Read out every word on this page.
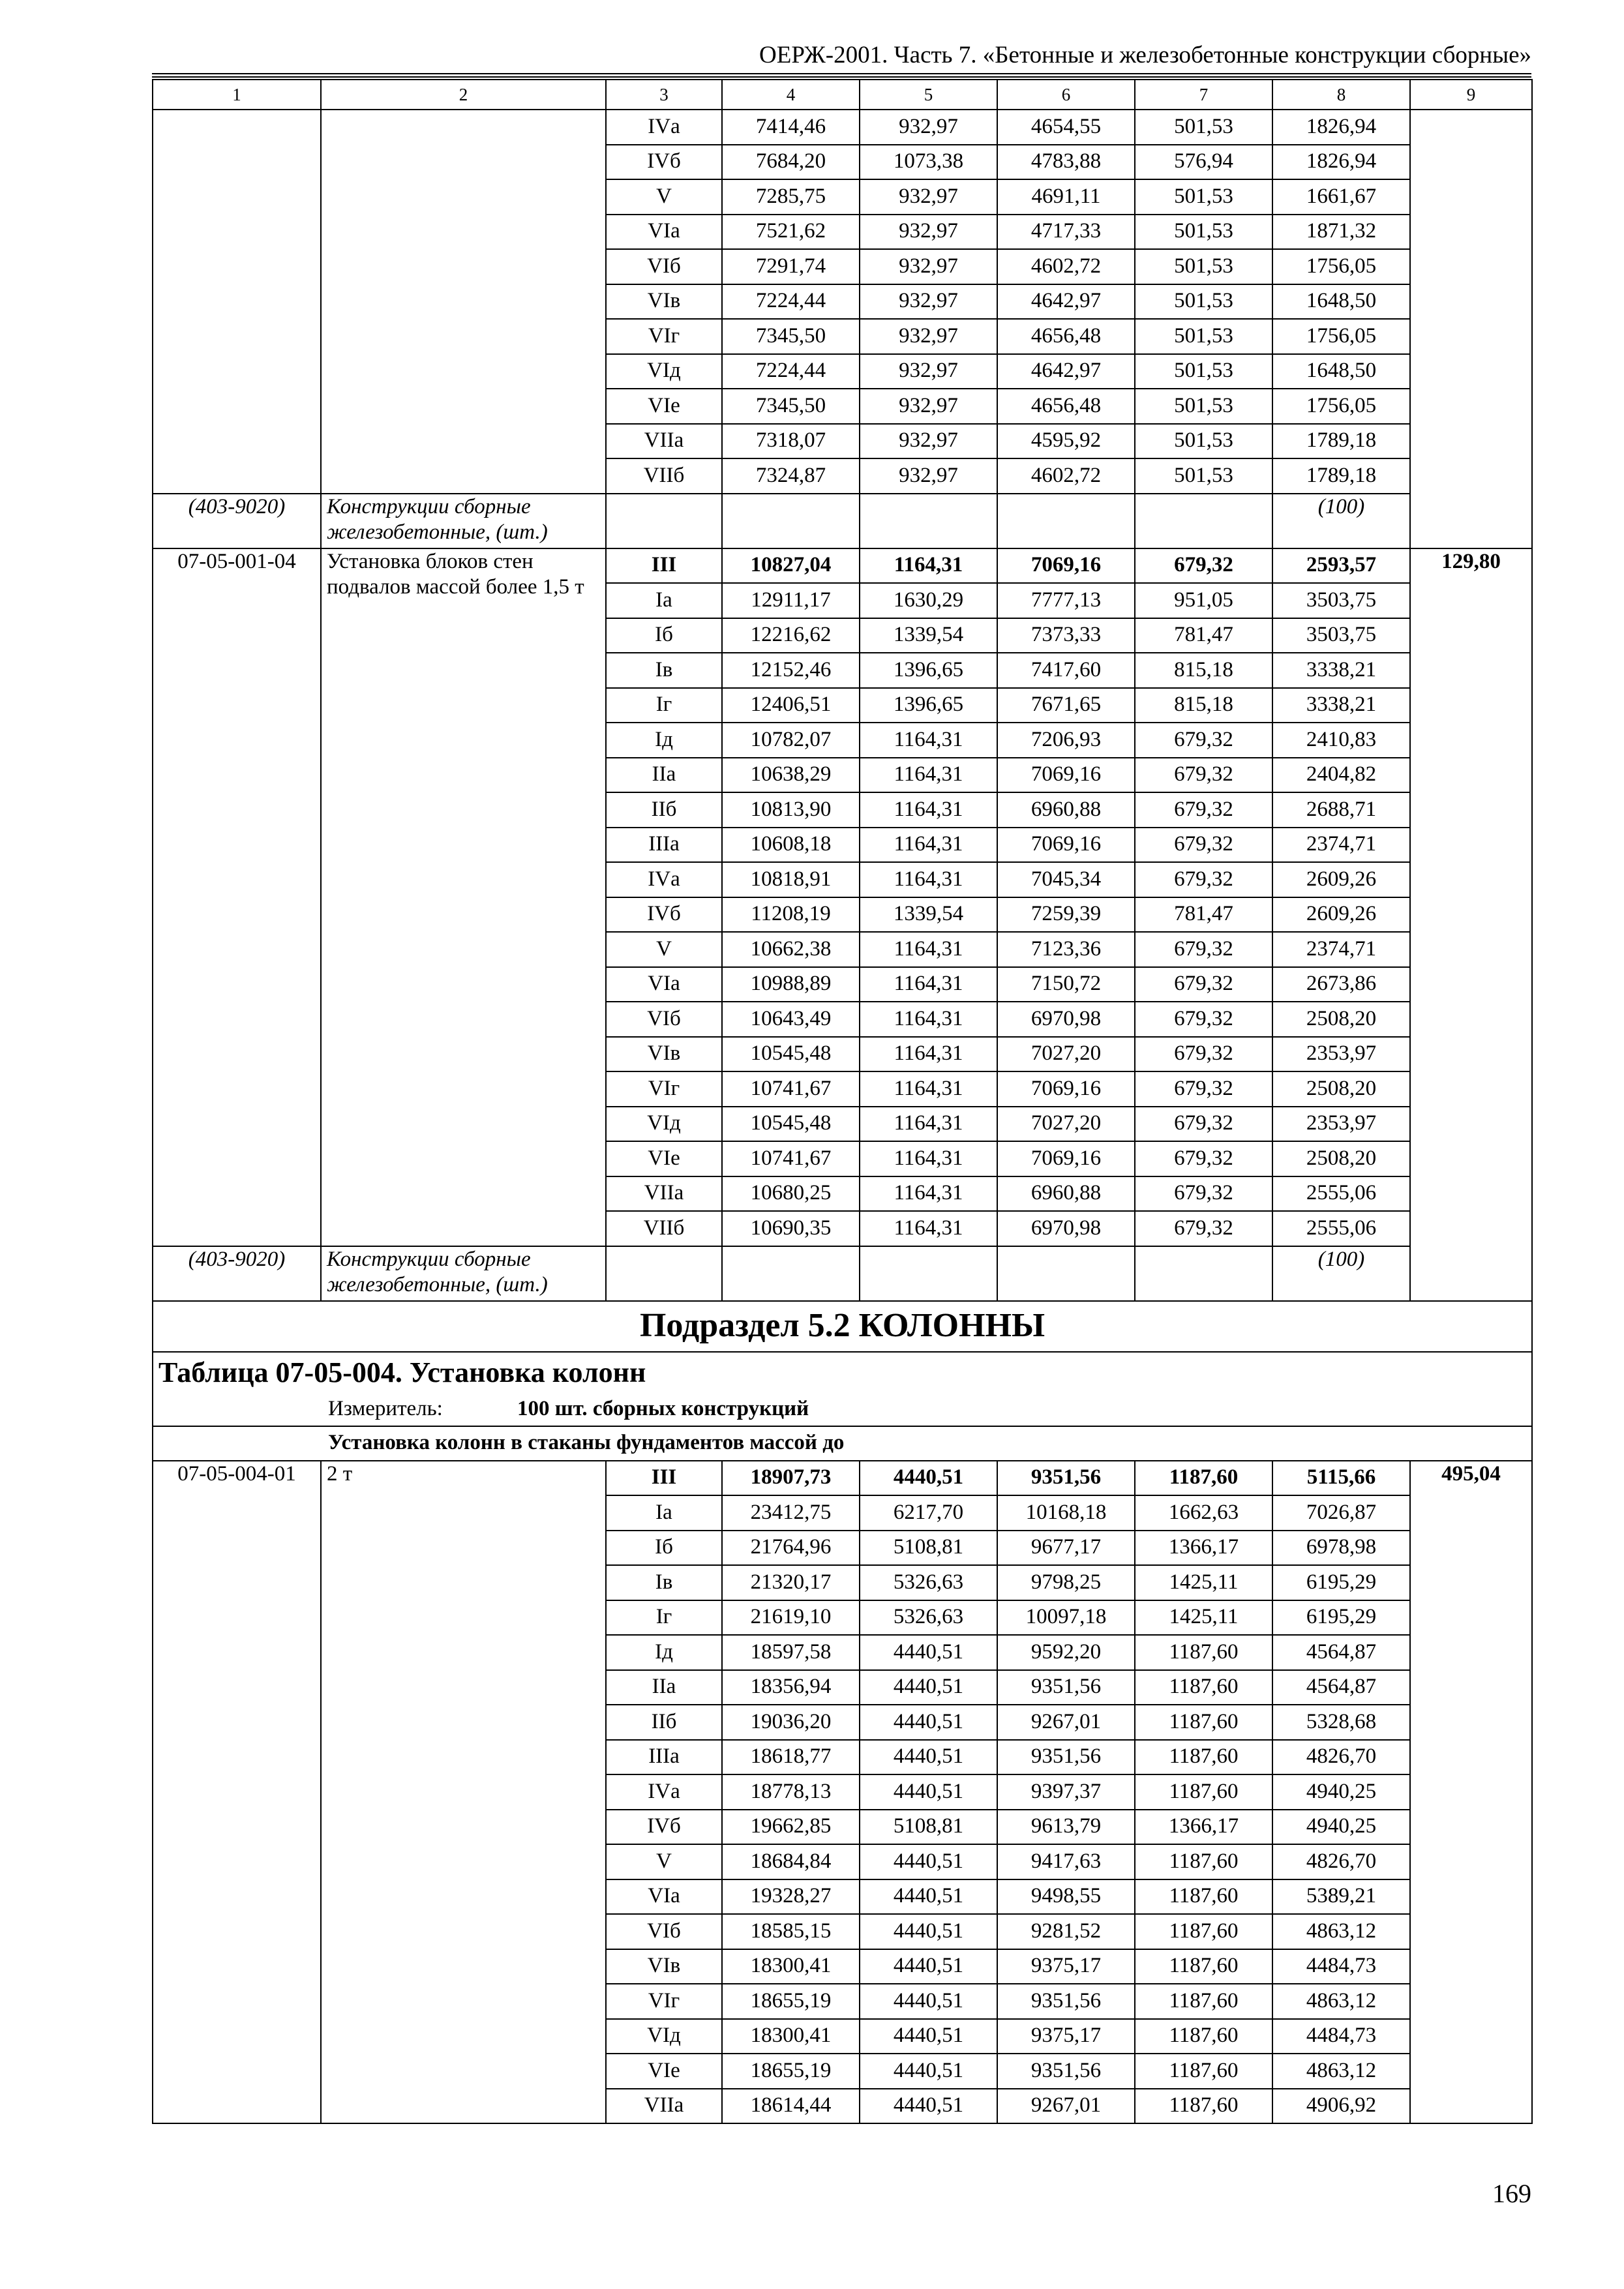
ОЕРЖ-2001. Часть 7. «Бетонные и железобетонные конструкции сборные»
1	2	3	4	5	6	7	8	9
		IVа	7414,46	932,97	4654,55	501,53	1826,94	
		IVб	7684,20	1073,38	4783,88	576,94	1826,94	
		V	7285,75	932,97	4691,11	501,53	1661,67	
		VIа	7521,62	932,97	4717,33	501,53	1871,32	
		VIб	7291,74	932,97	4602,72	501,53	1756,05	
		VIв	7224,44	932,97	4642,97	501,53	1648,50	
		VIг	7345,50	932,97	4656,48	501,53	1756,05	
		VIд	7224,44	932,97	4642,97	501,53	1648,50	
		VIе	7345,50	932,97	4656,48	501,53	1756,05	
		VIIа	7318,07	932,97	4595,92	501,53	1789,18	
		VIIб	7324,87	932,97	4602,72	501,53	1789,18	
(403-9020)	Конструкции сборные железобетонные, (шт.)						(100)	
07-05-001-04	Установка блоков стен подвалов массой более 1,5 т	III	10827,04	1164,31	7069,16	679,32	2593,57	129,80
		Iа	12911,17	1630,29	7777,13	951,05	3503,75	
		Iб	12216,62	1339,54	7373,33	781,47	3503,75	
		Iв	12152,46	1396,65	7417,60	815,18	3338,21	
		Iг	12406,51	1396,65	7671,65	815,18	3338,21	
		Iд	10782,07	1164,31	7206,93	679,32	2410,83	
		IIа	10638,29	1164,31	7069,16	679,32	2404,82	
		IIб	10813,90	1164,31	6960,88	679,32	2688,71	
		IIIа	10608,18	1164,31	7069,16	679,32	2374,71	
		IVа	10818,91	1164,31	7045,34	679,32	2609,26	
		IVб	11208,19	1339,54	7259,39	781,47	2609,26	
		V	10662,38	1164,31	7123,36	679,32	2374,71	
		VIа	10988,89	1164,31	7150,72	679,32	2673,86	
		VIб	10643,49	1164,31	6970,98	679,32	2508,20	
		VIв	10545,48	1164,31	7027,20	679,32	2353,97	
		VIг	10741,67	1164,31	7069,16	679,32	2508,20	
		VIд	10545,48	1164,31	7027,20	679,32	2353,97	
		VIе	10741,67	1164,31	7069,16	679,32	2508,20	
		VIIа	10680,25	1164,31	6960,88	679,32	2555,06	
		VIIб	10690,35	1164,31	6970,98	679,32	2555,06	
(403-9020)	Конструкции сборные железобетонные, (шт.)						(100)	
Подраздел 5.2 КОЛОННЫ								
Таблица 07-05-004. Установка колонн								
Измеритель: 100 шт. сборных конструкций								
Установка колонн в стаканы фундаментов массой до								
07-05-004-01	2 т	III	18907,73	4440,51	9351,56	1187,60	5115,66	495,04
		Iа	23412,75	6217,70	10168,18	1662,63	7026,87	
		Iб	21764,96	5108,81	9677,17	1366,17	6978,98	
		Iв	21320,17	5326,63	9798,25	1425,11	6195,29	
		Iг	21619,10	5326,63	10097,18	1425,11	6195,29	
		Iд	18597,58	4440,51	9592,20	1187,60	4564,87	
		IIа	18356,94	4440,51	9351,56	1187,60	4564,87	
		IIб	19036,20	4440,51	9267,01	1187,60	5328,68	
		IIIа	18618,77	4440,51	9351,56	1187,60	4826,70	
		IVа	18778,13	4440,51	9397,37	1187,60	4940,25	
		IVб	19662,85	5108,81	9613,79	1366,17	4940,25	
		V	18684,84	4440,51	9417,63	1187,60	4826,70	
		VIа	19328,27	4440,51	9498,55	1187,60	5389,21	
		VIб	18585,15	4440,51	9281,52	1187,60	4863,12	
		VIв	18300,41	4440,51	9375,17	1187,60	4484,73	
		VIг	18655,19	4440,51	9351,56	1187,60	4863,12	
		VIд	18300,41	4440,51	9375,17	1187,60	4484,73	
		VIе	18655,19	4440,51	9351,56	1187,60	4863,12	
		VIIа	18614,44	4440,51	9267,01	1187,60	4906,92	
169
